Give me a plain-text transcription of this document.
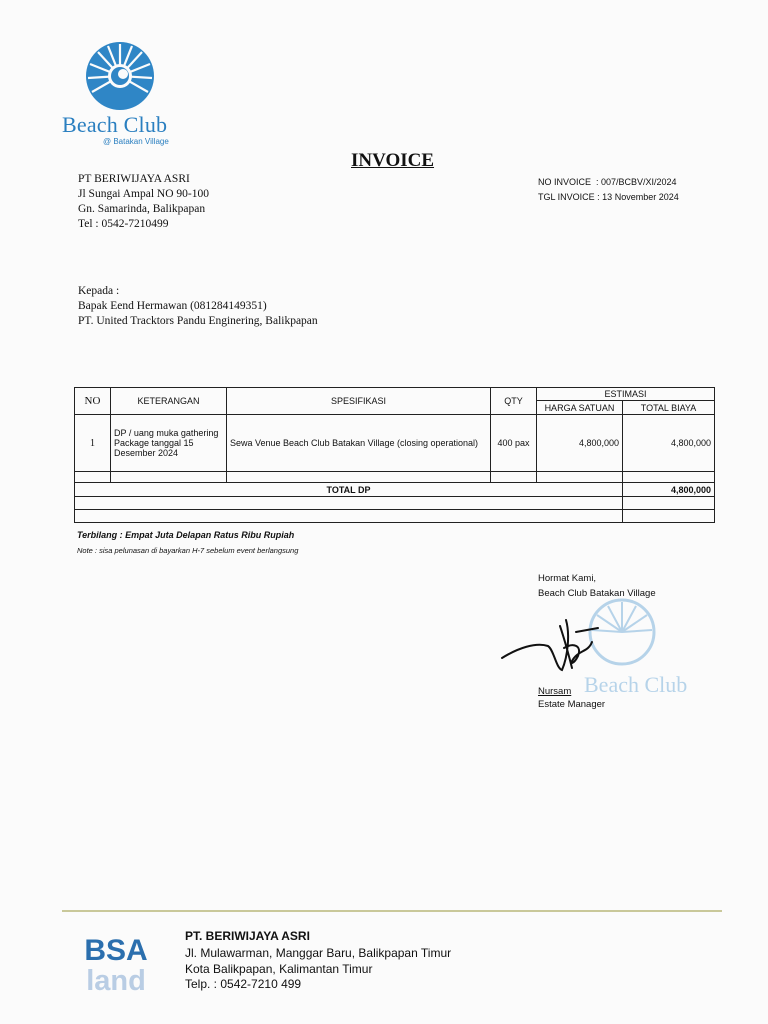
Beach Club
@ Batakan Village
INVOICE
PT BERIWIJAYA ASRI
Jl Sungai Ampal NO 90-100
Gn. Samarinda, Balikpapan
Tel : 0542-7210499
NO INVOICE  : 007/BCBV/XI/2024
TGL INVOICE : 13 November 2024
Kepada :
Bapak Eend Hermawan (081284149351)
PT. United Tracktors Pandu Enginering, Balikpapan
NO	KETERANGAN	SPESIFIKASI	QTY	ESTIMASI	
				HARGA SATUAN	TOTAL BIAYA
1	DP / uang muka gathering Package tanggal 15 Desember 2024	Sewa Venue Beach Club Batakan Village (closing operational)	400 pax	4,800,000	4,800,000

TOTAL DP					4,800,000

Terbilang : Empat Juta Delapan Ratus Ribu Rupiah
Note : sisa pelunasan di bayarkan H-7 sebelum event berlangsung
Hormat Kami,
Beach Club Batakan Village
Beach Club
Nursam
Estate Manager
BSA
land
PT. BERIWIJAYA ASRI
Jl. Mulawarman, Manggar Baru, Balikpapan Timur
Kota Balikpapan, Kalimantan Timur
Telp. : 0542-7210 499
